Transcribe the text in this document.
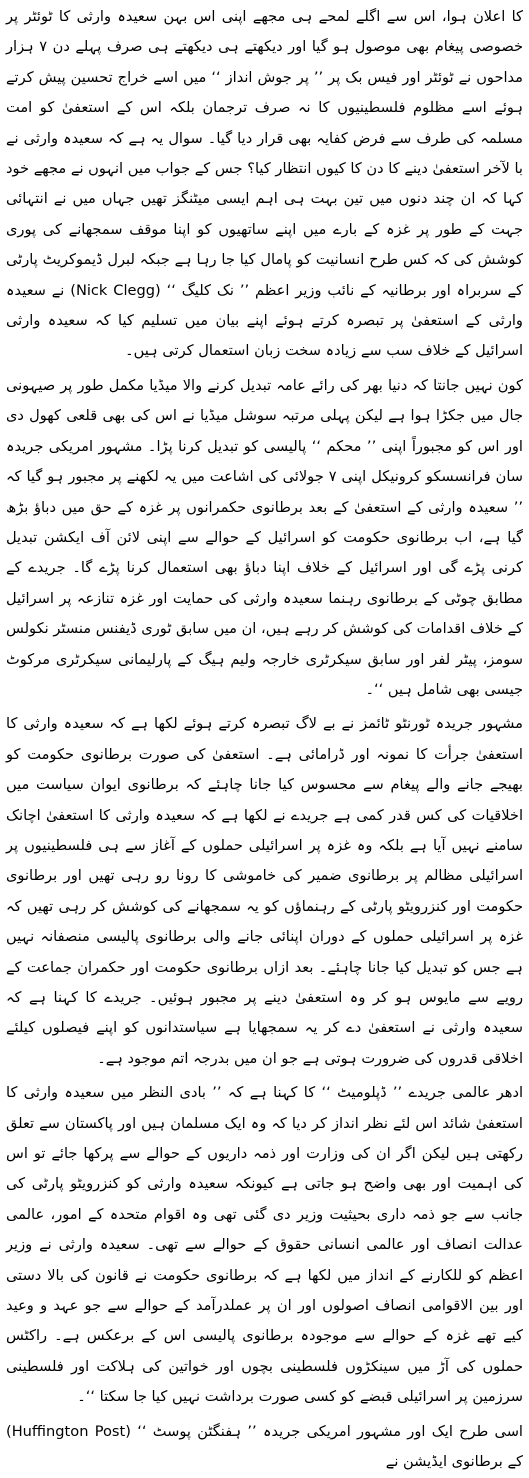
کا اعلان ہوا، اس سے اگلے لمحے ہی مجھے اپنی اس بہن سعیدہ وارثی کا ٹوئٹر پر خصوصی پیغام بھی موصول ہو گیا اور دیکھتے ہی دیکھتے ہی صرف پہلے دن ۷ ہزار مداحوں نے ٹوئٹر اور فیس بک پر ’’ پر جوش انداز ‘‘ میں اسے خراج تحسین پیش کرتے ہوئے اسے مظلوم فلسطینیوں کا نہ صرف ترجمان بلکہ اس کے استعفیٰ کو امت مسلمہ کی طرف سے فرض کفایہ بھی قرار دیا گیا۔ سوال یہ ہے کہ سعیدہ وارثی نے با لآخر استعفیٰ دینے کا دن کا کیوں انتظار کیا؟ جس کے جواب میں انہوں نے مجھے خود کہا کہ ان چند دنوں میں تین بہت ہی اہم ایسی میٹنگز تھیں جہاں میں نے انتہائی جہت کے طور پر غزہ کے بارے میں اپنے ساتھیوں کو اپنا موقف سمجھانے کی پوری کوشش کی کہ کس طرح انسانیت کو پامال کیا جا رہا ہے جبکہ لبرل ڈیموکریٹ پارٹی کے سربراہ اور برطانیہ کے نائب وزیر اعظم ’’ نک کلیگ ‘‘ (Nick Clegg) نے سعیدہ وارثی کے استعفیٰ پر تبصرہ کرتے ہوئے اپنے بیان میں تسلیم کیا کہ سعیدہ وارثی اسرائیل کے خلاف سب سے زیادہ سخت زبان استعمال کرتی ہیں۔

کون نہیں جانتا کہ دنیا بھر کی رائے عامہ تبدیل کرنے والا میڈیا مکمل طور پر صیہونی جال میں جکڑا ہوا ہے لیکن پہلی مرتبہ سوشل میڈیا نے اس کی بھی قلعی کھول دی اور اس کو مجبوراً اپنی ’’ محکم ‘‘ پالیسی کو تبدیل کرنا پڑا۔ مشہور امریکی جریدہ سان فرانسسکو کرونیکل اپنی ۷ جولائی کی اشاعت میں یہ لکھنے پر مجبور ہو گیا کہ ’’ سعیدہ وارثی کے استعفیٰ کے بعد برطانوی حکمرانوں پر غزہ کے حق میں دباؤ بڑھ گیا ہے، اب برطانوی حکومت کو اسرائیل کے حوالے سے اپنی لائن آف ایکشن تبدیل کرنی پڑے گی اور اسرائیل کے خلاف اپنا دباؤ بھی استعمال کرنا پڑے گا۔ جریدے کے مطابق چوٹی کے برطانوی رہنما سعیدہ وارثی کی حمایت اور غزہ تنازعہ پر اسرائیل کے خلاف اقدامات کی کوشش کر رہے ہیں، ان میں سابق ٹوری ڈیفنس منسٹر نکولس سومز، پیٹر لفر اور سابق سیکرٹری خارجہ ولیم ہیگ کے پارلیمانی سیکرٹری مرکوٹ جیسی بھی شامل ہیں ‘‘۔

مشہور جریدہ ٹورنٹو ٹائمز نے بے لاگ تبصرہ کرتے ہوئے لکھا ہے کہ سعیدہ وارثی کا استعفیٰ جرأت کا نمونہ اور ڈرامائی ہے۔ استعفیٰ کی صورت برطانوی حکومت کو بھیجے جانے والے پیغام سے محسوس کیا جانا چاہئے کہ برطانوی ایوان سیاست میں اخلاقیات کی کس قدر کمی ہے جریدے نے لکھا ہے کہ سعیدہ وارثی کا استعفیٰ اچانک سامنے نہیں آیا ہے بلکہ وہ غزہ پر اسرائیلی حملوں کے آغاز سے ہی فلسطینیوں پر اسرائیلی مظالم پر برطانوی ضمیر کی خاموشی کا رونا رو رہی تھیں اور برطانوی حکومت اور کنزرویٹو پارٹی کے رہنماؤں کو یہ سمجھانے کی کوشش کر رہی تھیں کہ غزہ پر اسرائیلی حملوں کے دوران اپنائی جانے والی برطانوی پالیسی منصفانہ نہیں ہے جس کو تبدیل کیا جانا چاہئے۔ بعد ازاں برطانوی حکومت اور حکمران جماعت کے رویے سے مایوس ہو کر وہ استعفیٰ دینے پر مجبور ہوئیں۔ جریدے کا کہنا ہے کہ سعیدہ وارثی نے استعفیٰ دے کر یہ سمجھایا ہے سیاستدانوں کو اپنے فیصلوں کیلئے اخلاقی قدروں کی ضرورت ہوتی ہے جو ان میں بدرجہ اتم موجود ہے۔

ادھر عالمی جریدے ’’ ڈپلومیٹ ‘‘ کا کہنا ہے کہ ’’ بادی النظر میں سعیدہ وارثی کا استعفیٰ شائد اس لئے نظر انداز کر دیا کہ وہ ایک مسلمان ہیں اور پاکستان سے تعلق رکھتی ہیں لیکن اگر ان کی وزارت اور ذمہ داریوں کے حوالے سے پرکھا جائے تو اس کی اہمیت اور بھی واضح ہو جاتی ہے کیونکہ سعیدہ وارثی کو کنزرویٹو پارٹی کی جانب سے جو ذمہ داری بحیثیت وزیر دی گئی تھی وہ اقوام متحدہ کے امور، عالمی عدالت انصاف اور عالمی انسانی حقوق کے حوالے سے تھی۔ سعیدہ وارثی نے وزیر اعظم کو للکارنے کے انداز میں لکھا ہے کہ برطانوی حکومت نے قانون کی بالا دستی اور بین الاقوامی انصاف اصولوں اور ان پر عملدرآمد کے حوالے سے جو عہد و وعید کیے تھے غزہ کے حوالے سے موجودہ برطانوی پالیسی اس کے برعکس ہے۔ راکٹس حملوں کی آڑ میں سینکڑوں فلسطینی بچوں اور خواتین کی ہلاکت اور فلسطینی سرزمین پر اسرائیلی قبضے کو کسی صورت برداشت نہیں کیا جا سکتا ‘‘۔

اسی طرح ایک اور مشہور امریکی جریدہ ’’ ہفنگٹن پوسٹ ‘‘ (Huffington Post) کے برطانوی ایڈیشن نے
